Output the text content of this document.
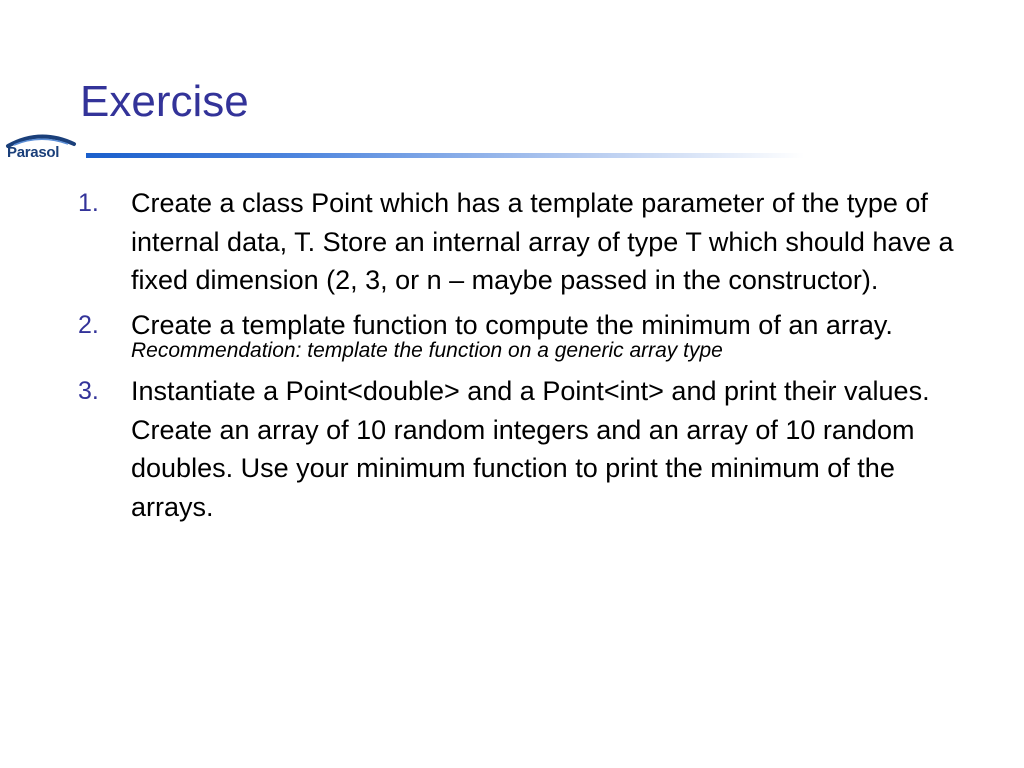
Exercise
Parasol
1. Create a class Point which has a template parameter of the type of internal data, T. Store an internal array of type T which should have a fixed dimension (2, 3, or n – maybe passed in the constructor).
2. Create a template function to compute the minimum of an array.
Recommendation: template the function on a generic array type
3. Instantiate a Point<double> and a Point<int> and print their values. Create an array of 10 random integers and an array of 10 random doubles. Use your minimum function to print the minimum of the arrays.
